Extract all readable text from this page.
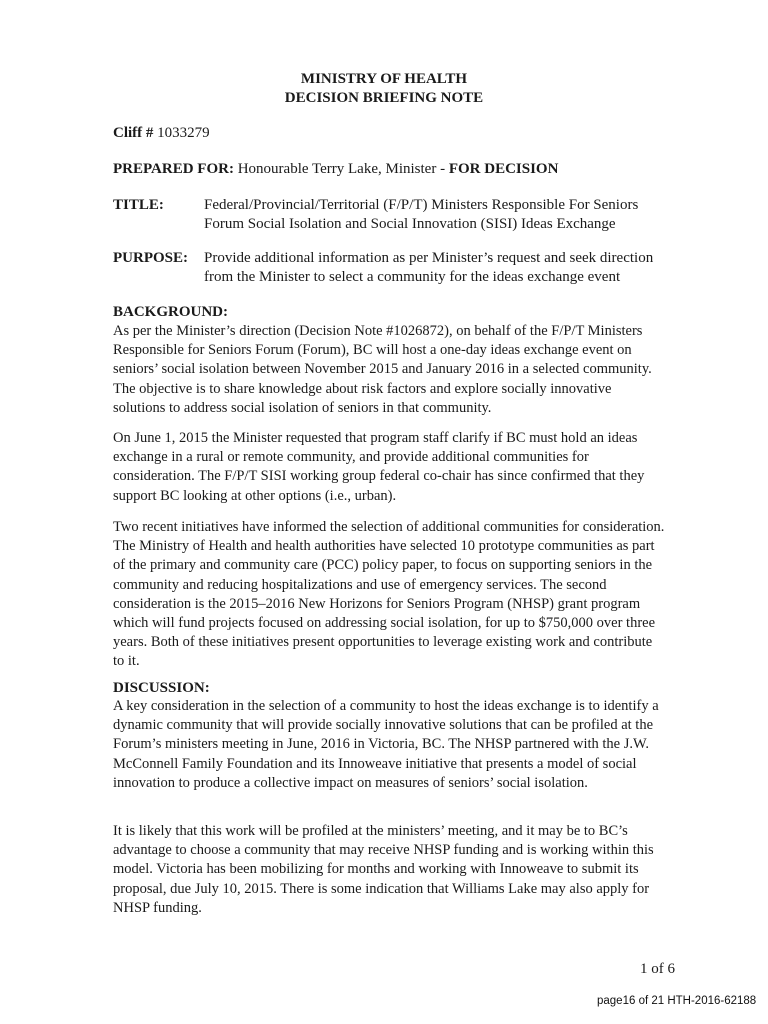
MINISTRY OF HEALTH
DECISION BRIEFING NOTE
Cliff # 1033279
PREPARED FOR: Honourable Terry Lake, Minister - FOR DECISION
TITLE:	Federal/Provincial/Territorial (F/P/T) Ministers Responsible For Seniors Forum Social Isolation and Social Innovation (SISI) Ideas Exchange
PURPOSE: Provide additional information as per Minister’s request and seek direction from the Minister to select a community for the ideas exchange event
BACKGROUND:
As per the Minister’s direction (Decision Note #1026872), on behalf of the F/P/T Ministers Responsible for Seniors Forum (Forum), BC will host a one-day ideas exchange event on seniors’ social isolation between November 2015 and January 2016 in a selected community. The objective is to share knowledge about risk factors and explore socially innovative solutions to address social isolation of seniors in that community.
On June 1, 2015 the Minister requested that program staff clarify if BC must hold an ideas exchange in a rural or remote community, and provide additional communities for consideration. The F/P/T SISI working group federal co-chair has since confirmed that they support BC looking at other options (i.e., urban).
Two recent initiatives have informed the selection of additional communities for consideration. The Ministry of Health and health authorities have selected 10 prototype communities as part of the primary and community care (PCC) policy paper, to focus on supporting seniors in the community and reducing hospitalizations and use of emergency services. The second consideration is the 2015–2016 New Horizons for Seniors Program (NHSP) grant program which will fund projects focused on addressing social isolation, for up to $750,000 over three years. Both of these initiatives present opportunities to leverage existing work and contribute to it.
DISCUSSION:
A key consideration in the selection of a community to host the ideas exchange is to identify a dynamic community that will provide socially innovative solutions that can be profiled at the Forum’s ministers meeting in June, 2016 in Victoria, BC. The NHSP partnered with the J.W. McConnell Family Foundation and its Innoweave initiative that presents a model of social innovation to produce a collective impact on measures of seniors’ social isolation.
It is likely that this work will be profiled at the ministers’ meeting, and it may be to BC’s advantage to choose a community that may receive NHSP funding and is working within this model. Victoria has been mobilizing for months and working with Innoweave to submit its proposal, due July 10, 2015. There is some indication that Williams Lake may also apply for NHSP funding.
1 of 6
page16 of 21 HTH-2016-62188
